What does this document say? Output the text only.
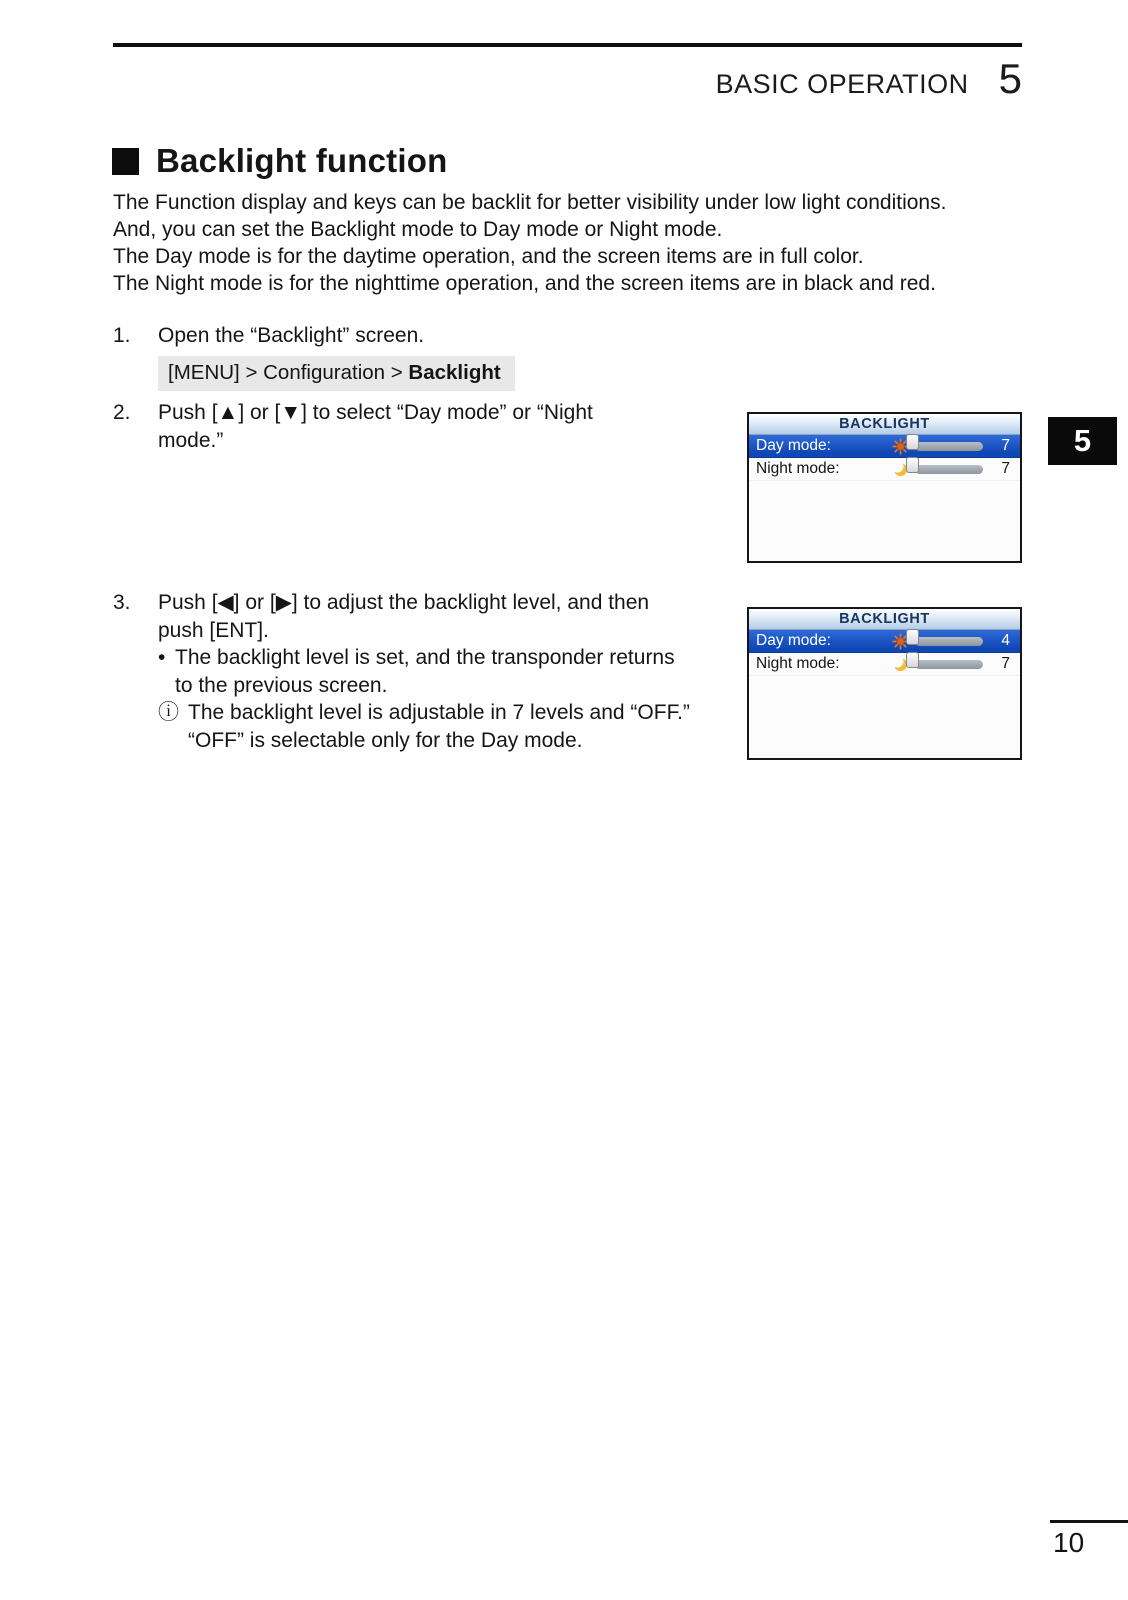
BASIC OPERATION 5
Backlight function
The Function display and keys can be backlit for better visibility under low light conditions.
And, you can set the Backlight mode to Day mode or Night mode.
The Day mode is for the daytime operation, and the screen items are in full color.
The Night mode is for the nighttime operation, and the screen items are in black and red.
1.	Open the “Backlight” screen.
[MENU] > Configuration > Backlight
2.	Push [▲] or [▼] to select “Day mode” or “Night
mode.”
3.	Push [◀] or [▶] to adjust the backlight level, and then
push [ENT].
• The backlight level is set, and the transponder returns
to the previous screen.
ⓘ The backlight level is adjustable in 7 levels and “OFF.”
“OFF” is selectable only for the Day mode.
BACKLIGHT
Day mode:	7
Night mode:	7
BACKLIGHT
Day mode:	4
Night mode:	7
5
10
